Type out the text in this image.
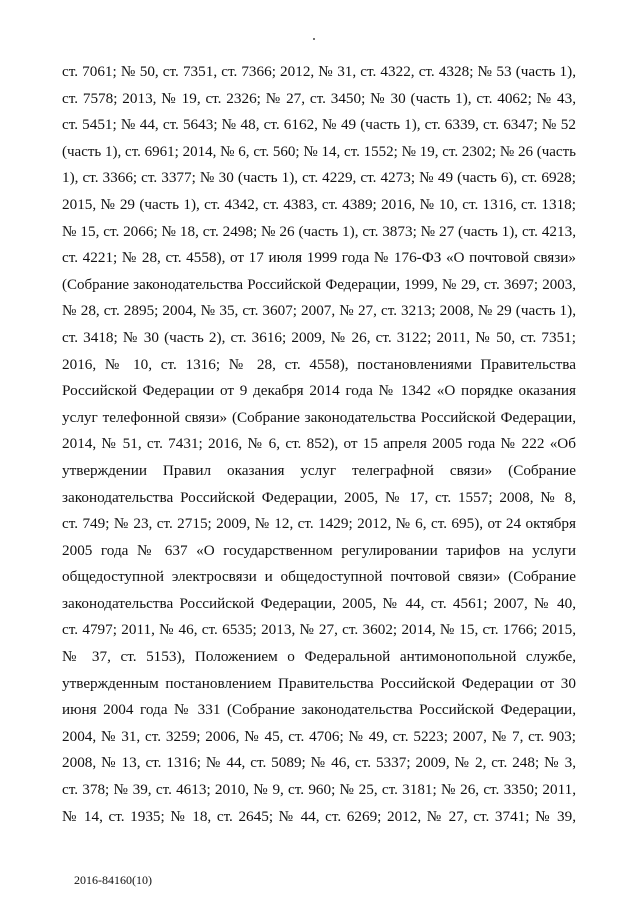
ст. 7061; № 50, ст. 7351, ст. 7366; 2012, № 31, ст. 4322, ст. 4328; № 53 (часть 1),
ст. 7578; 2013, № 19, ст. 2326; № 27, ст. 3450; № 30 (часть 1), ст. 4062; № 43,
ст. 5451; № 44, ст. 5643; № 48, ст. 6162, № 49 (часть 1), ст. 6339, ст. 6347; № 52
(часть 1), ст. 6961; 2014, № 6, ст. 560; № 14, ст. 1552; № 19, ст. 2302; № 26 (часть
1), ст. 3366; ст. 3377; № 30 (часть 1), ст. 4229, ст. 4273; № 49 (часть 6), ст. 6928;
2015, № 29 (часть 1), ст. 4342, ст. 4383, ст. 4389; 2016, № 10, ст. 1316, ст. 1318;
№ 15, ст. 2066; № 18, ст. 2498; № 26 (часть 1), ст. 3873; № 27 (часть 1), ст. 4213,
ст. 4221; № 28, ст. 4558), от 17 июля 1999 года № 176-ФЗ «О почтовой связи»
(Собрание законодательства Российской Федерации, 1999, № 29, ст. 3697; 2003,
№ 28, ст. 2895; 2004, № 35, ст. 3607; 2007, № 27, ст. 3213; 2008, № 29 (часть 1),
ст. 3418; № 30 (часть 2), ст. 3616; 2009, № 26, ст. 3122; 2011, № 50, ст. 7351;
2016, № 10, ст. 1316; № 28, ст. 4558), постановлениями Правительства
Российской Федерации от 9 декабря 2014 года № 1342 «О порядке оказания
услуг телефонной связи» (Собрание законодательства Российской Федерации,
2014, № 51, ст. 7431; 2016, № 6, ст. 852), от 15 апреля 2005 года № 222 «Об
утверждении Правил оказания услуг телеграфной связи» (Собрание
законодательства Российской Федерации, 2005, № 17, ст. 1557; 2008, № 8,
ст. 749; № 23, ст. 2715; 2009, № 12, ст. 1429; 2012, № 6, ст. 695), от 24 октября
2005 года № 637 «О государственном регулировании тарифов на услуги
общедоступной электросвязи и общедоступной почтовой связи» (Собрание
законодательства Российской Федерации, 2005, № 44, ст. 4561; 2007, № 40,
ст. 4797; 2011, № 46, ст. 6535; 2013, № 27, ст. 3602; 2014, № 15, ст. 1766; 2015,
№ 37, ст. 5153), Положением о Федеральной антимонопольной службе,
утвержденным постановлением Правительства Российской Федерации от 30
июня 2004 года № 331 (Собрание законодательства Российской Федерации,
2004, № 31, ст. 3259; 2006, № 45, ст. 4706; № 49, ст. 5223; 2007, № 7, ст. 903;
2008, № 13, ст. 1316; № 44, ст. 5089; № 46, ст. 5337; 2009, № 2, ст. 248; № 3,
ст. 378; № 39, ст. 4613; 2010, № 9, ст. 960; № 25, ст. 3181; № 26, ст. 3350; 2011,
№ 14, ст. 1935; № 18, ст. 2645; № 44, ст. 6269; 2012, № 27, ст. 3741; № 39,
2016-84160(10)
